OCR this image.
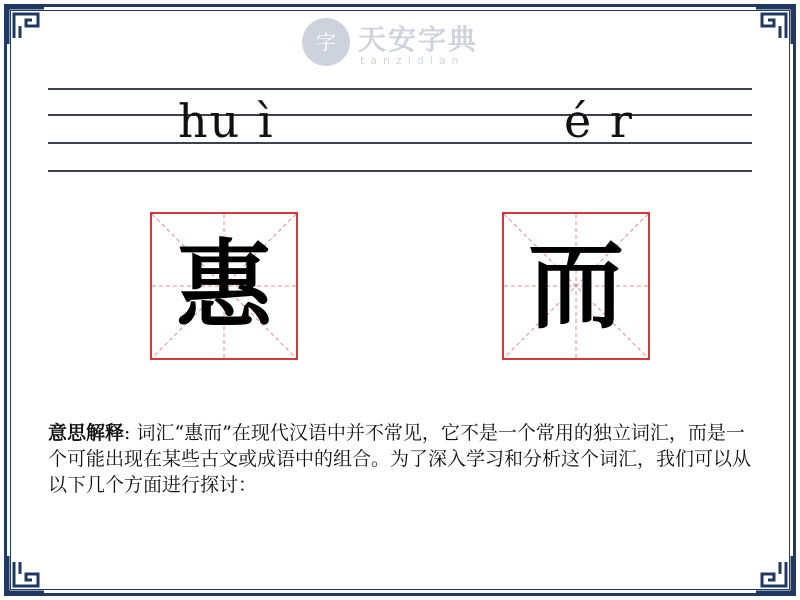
字 天安字典
tanzidian
hu ì	é r
惠	而
意思解释: 词汇“惠而”在现代汉语中并不常见，它不是一个常用的独立词汇，而是一个可能出现在某些古文或成语中的组合。为了深入学习和分析这个词汇，我们可以从以下几个方面进行探讨：
